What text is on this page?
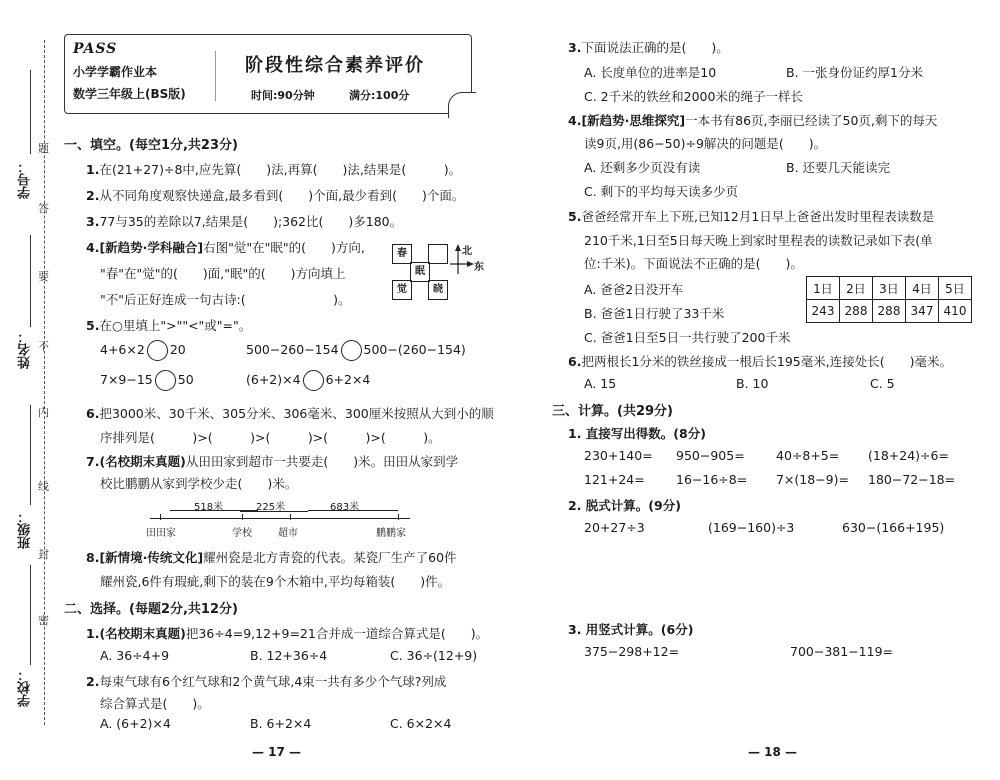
题
答
要
不
内
线
封
密
学号：
姓名：
班级：
学校：
PASS
小学学霸作业本
数学三年级上(BS版)
阶段性综合素养评价
时间:90分钟	满分:100分
一、填空。(每空1分,共23分)
1.在(21+27)÷8中,应先算(　　)法,再算(　　)法,结果是(　　　)。
2.从不同角度观察快递盒,最多看到(　　)个面,最少看到(　　)个面。
3.77与35的差除以7,结果是(　　);362比(　　)多180。
4.[新趋势·学科融合]右图"觉"在"眠"的(　　)方向,
"春"在"觉"的(　　)面,"眠"的(　　)方向填上
"不"后正好连成一句古诗:(　　　　　　　)。
春
眠
觉	晓
北
东
5.在○里填上">""<"或"="。
4+6×2 20	500−260−154 500−(260−154)
7×9−15 50	(6+2)×4 6+2×4
6.把3000米、30千米、305分米、306毫米、300厘米按照从大到小的顺
序排列是(　　　)>(　　　)>(　　　)>(　　　)>(　　　)。
7.(名校期末真题)从田田家到超市一共要走(　　)米。田田从家到学
校比鹏鹏从家到学校少走(　　)米。
518米	225米	683米
田田家	学校	超市	鹏鹏家
8.[新情境·传统文化]耀州瓷是北方青瓷的代表。某瓷厂生产了60件
耀州瓷,6件有瑕疵,剩下的装在9个木箱中,平均每箱装(　　)件。
二、选择。(每题2分,共12分)
1.(名校期末真题)把36÷4=9,12+9=21合并成一道综合算式是(　　)。
A. 36÷4+9	B. 12+36÷4	C. 36÷(12+9)
2.每束气球有6个红气球和2个黄气球,4束一共有多少个气球?列成
综合算式是(　　)。
A. (6+2)×4	B. 6+2×4	C. 6×2×4
— 17 —
3.下面说法正确的是(　　)。
A. 长度单位的进率是10	B. 一张身份证约厚1分米
C. 2千米的铁丝和2000米的绳子一样长
4.[新趋势·思维探究]一本书有86页,李丽已经读了50页,剩下的每天
读9页,用(86−50)÷9解决的问题是(　　)。
A. 还剩多少页没有读	B. 还要几天能读完
C. 剩下的平均每天读多少页
5.爸爸经常开车上下班,已知12月1日早上爸爸出发时里程表读数是
210千米,1日至5日每天晚上到家时里程表的读数记录如下表(单
位:千米)。下面说法不正确的是(　　)。
A. 爸爸2日没开车
B. 爸爸1日行驶了33千米
C. 爸爸1日至5日一共行驶了200千米
1日	2日	3日	4日	5日
243	288	288	347	410
6.把两根长1分米的铁丝接成一根后长195毫米,连接处长(　　)毫米。
A. 15	B. 10	C. 5
三、计算。(共29分)
1. 直接写出得数。(8分)
230+140= 950−905=	40÷8+5= (18+24)÷6=
121+24=	16−16÷8= 7×(18−9)= 180−72−18=
2. 脱式计算。(9分)
20+27÷3	(169−160)÷3	630−(166+195)
3. 用竖式计算。(6分)
375−298+12=	700−381−119=
— 18 —
